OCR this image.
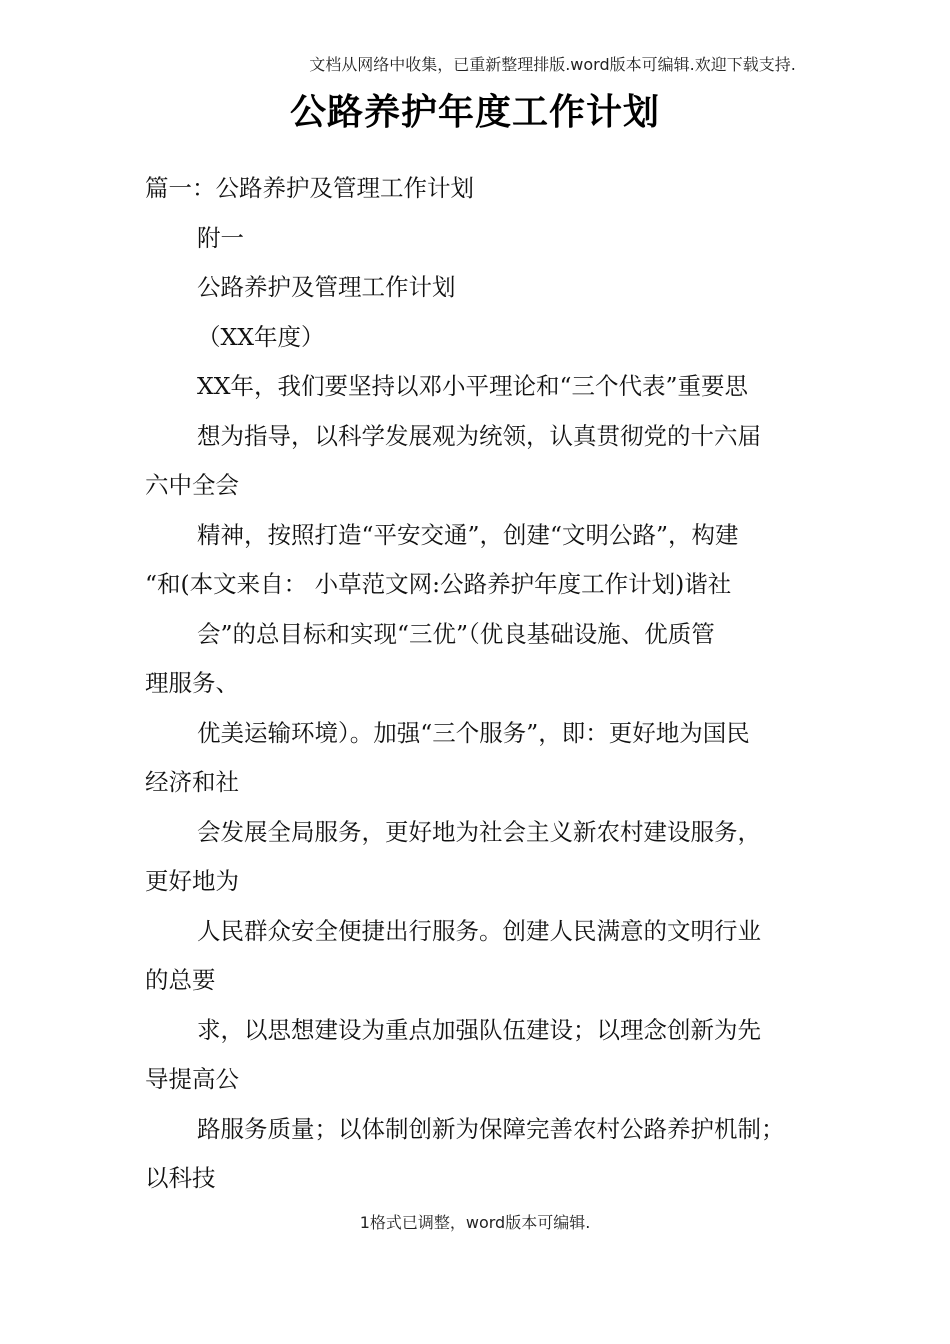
文档从网络中收集，已重新整理排版.word版本可编辑.欢迎下载支持.
公路养护年度工作计划
篇一：公路养护及管理工作计划
附一
公路养护及管理工作计划
（XX年度）
XX年，我们要坚持以邓小平理论和“三个代表”重要思
想为指导，以科学发展观为统领，认真贯彻党的十六届
六中全会
精神，按照打造“平安交通”，创建“文明公路”，构建
“和(本文来自： 小草范文网:公路养护年度工作计划)谐社
会”的总目标和实现“三优”（优良基础设施、优质管
理服务、
优美运输环境）。加强“三个服务”，即：更好地为国民
经济和社
会发展全局服务，更好地为社会主义新农村建设服务，
更好地为
人民群众安全便捷出行服务。创建人民满意的文明行业
的总要
求，以思想建设为重点加强队伍建设；以理念创新为先
导提高公
路服务质量；以体制创新为保障完善农村公路养护机制；
以科技
1格式已调整，word版本可编辑.
